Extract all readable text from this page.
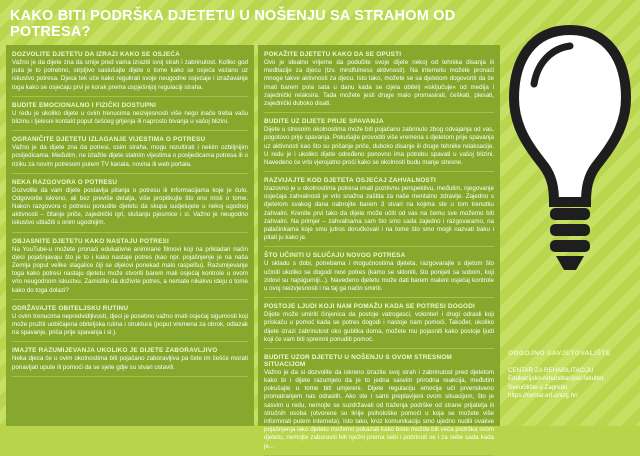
KAKO BITI PODRŠKA DJETETU U NOŠENJU SA STRAHOM OD POTRESA?
DOZVOLITE DJETETU DA IZRAZI KAKO SE OSJEĆA
Važno je da dijete zna da smije pred vama izraziti svoj strah i zabrinutost. Koliko god puta je to potrebno, strpljivo saslušajte dijete o tome kako se osjeća vezano uz iskustvo potresa. Djeca tek uče kako regulirati svoje neugodne osjećaje i izražavanje toga kako se osjećaju prvi je korak prema uspješnijoj regulaciji straha.
BUDITE EMOCIONALNO I FIZIČKI DOSTUPNI
U redu je ukoliko dijete u ovim trenucima neizvjesnosti više nego inače treba vašu blizinu i tjelesni kontakt poput češćeg grljenja ili naprosto bivanja u vašoj blizini.
OGRANIČITE DJETETU IZLAGANJE VIJESTIMA O POTRESU
Važno je da dijete zna da potresi, osim straha, mogu rezultirati i nekim ozbiljnijim posljedicama. Međutim, ne izlažite dijete stalnim vijestima o posljedicama potresa ili o riziku za novim potresom putem TV kanala, novina ili web portala.
NEKA RAZGOVORA O POTRESU
Dozvolite da vam dijete postavlja pitanja o potresu ili informacijama koje je čulo. Odgovorite iskreno, ali bez previše detalja, više propitkujte što ono misli o tome. Nakon razgovora o potresu ponudite djetetu da skupa sudjelujete u nekoj ugodnoj aktivnosti – čitanje priče, zajednički igri, slušanju pjesmice i sl. Važno je neugodno iskustvo ublažiti s onim ugodnijim.
OBJASNITE DJETETU KAKO NASTAJU POTRESI
Na YouTube-u možete pronaći edukativne animirane filmovi koji na prikladan način djeci pojašnjavaju što je to i kako nastaje potres (kao npr. pojašnjenje je na naša Zemlja poput velike slagalice čiji se dijelovi ponekad malo raspelšu). Razumijevanje toga kako potresi nastaju djetetu može stvoriti barem mali osjećaj kontrole u ovom vrlo neugodnom iskustvu. Zamislite da doživite potres, a nemate nikakvu ideju o tome kako do toga dolazi?
ODRŽAVAJTE OBITELJSKU RUTINU
U ovim trenucima nepredvidljivosti, djeci je posebno važno imati osjećaj sigurnosti koji može pružiti uobičajena obiteljska rutina i struktura (poput vremena za obrok, odlazak na spavanje, priča prije spavanja i sl.).
IMAJTE RAZUMIJEVANJA UKOLIKO JE DIJETE ZABORAVLJIVO
Neka djeca će u ovim okolnostima biti pojačano zaboravljiva pa čete im češće morati ponavljati upute ili pomoći da se sjete gdje su stvari ostavili.
POKAŽITE DJETETU KAKO DA SE OPUSTI
Ovo je idealno vrijeme da podučite svoje dijete nekoj od tehnika disanja ili meditacije za djecu (tzv. mindfulness aktivnosti). Na internetu možete pronaći mnoge takve aktivnosti za djecu. Isto tako, možete se sa djetetom dogovoriti da će imati barem pola sata u danu kada se cijela obitelj »isključuje« od medija i zajednički relaksira. Tada možete jesti druge malo promasirati, češkati, plesati, zajednički duboko disati.
BUDITE UZ DIJETE PRIJE SPAVANJA
Dijete u stresnim okolnostima može biti pojačano zabrinuto zbog odvajanja od vas, pogotovo prije spavanja. Pokušajte provoditi više vremena s djetetom prije spavanja uz aktivnosti kao što su pričanje priče, duboko disanje ili druge tehnike relaksacije. U redu je i ukoliko dijete određeno ponovno ima potrebu spavati u vašoj blizini. Navedeno će vrlo vjerojatno proći kako se okolnosti budu manje stresne.
RAZVIJAJTE KOD DJETETA OSJEĆAJ ZAHVALNOSTI
Izazovno je u okolnostima potresa imati pozitivnu perspektivu, međutim, njegovanje osjećaja zahvalnosti je vrlo snažna zaštita za naše mentalno zdravlje. Zajedno s djetetom svakog dana nabrojite barem 3 stvari na kojima ste u tom trenutku zahvalni. Krenite prvi tako da dijete može učiti od vas na čemu sve možemo biti zahvalni. Na primjer – zahvalna/na sam što smo sada zajedno i razgovaramo, na palačinkama koje smo jutros doručkovali i na tome što smo mogli nazvati baku i pitati ju kako je.
ŠTO UČINITI U SLUČAJU NOVOG POTRESA
U skladu s dobi, potrebama i mogućnostima djeteta, razgovarajte s djetom što učiniti ukoliko se dogodi novi potres (kamo se skloniti, što ponijeti sa sobom, koji zidovi su najsigurniji...). Navedeno djetetu može dati barem maleni osjećaj kontrole u ovoj neizvjesnosti i na taj ga način smiriti.
POSTOJE LJUDI KOJI NAM POMAŽU KADA SE POTRESI DOGODI
Dijete može umiriti činjenica da postoje vatrogasci, volonteri i drugi odrasli koji priskaču u pomoć kada se potres dogodi i nastoje nam pomoći. Također, ukoliko dijete izrazi zabrinutost oko gubitka doma, možete mu pojasniti kako postoje ljudi koji će vam biti spremni ponuditi pomoć.
BUDITE UZOR DJETETU U NOŠENJU S OVOM STRESNOM SITUACIJOM
Važno je da si dozvolite da iskreno izrazite svoj strah i zabrinutost pred djetetom kako bi i dijete razumjelo da je to jedna sasvim prirodna reakcija, međutim pokušajte u tome biti umjereni. Dijete regulaciju emocija uči prvenstveno promatranjem nas odraslih. Ako ste i sami preplavljeni ovom situacijom, što je sasvim u redu, nemojte se suzdržavati od traženja podrške od strane prijatelja ili stručnih osoba (otvorene su linije psihološke pomoći u koja se možete više informirati putem interneta). Isto tako, kroz komunikaciju smo ujedno nudili ovakve pojašnjenja iako djetetu možemo pokazati kako biste možda bili veća podrška svom djetetu, nemojte zaboraviti biti nježni prema sebi i pobrinuti se i za sebe sada kada je...
ODGOJNO SAVJETOVALIŠTE
CENTAR ZA REHABILITACIJU
Edukacijsko-rehabilitacijski fakultet
Sveučilište u Zagrebu
https://centar.erf.unizg.hr/
